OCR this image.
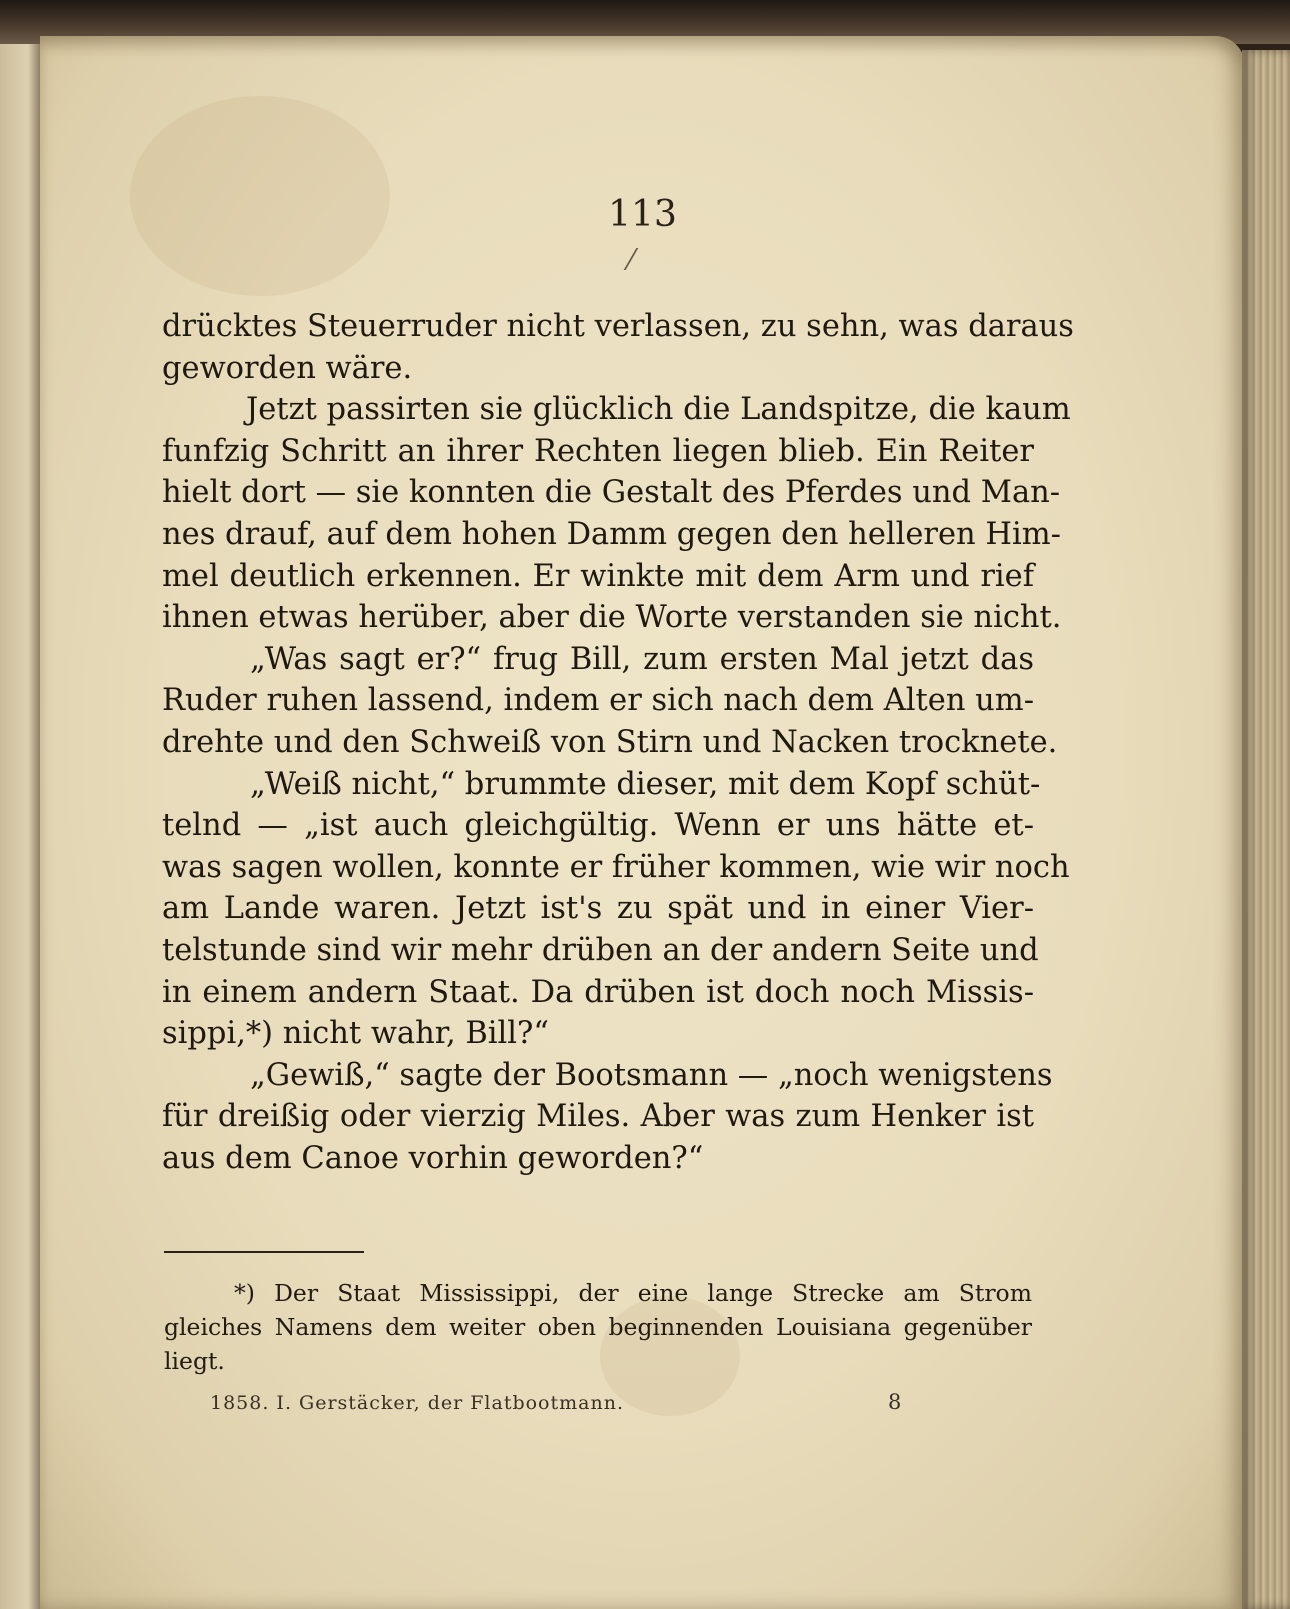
113
drücktes Steuerruder nicht verlassen, zu sehn, was daraus
geworden wäre.
Jetzt passirten sie glücklich die Landspitze, die kaum
funfzig Schritt an ihrer Rechten liegen blieb. Ein Reiter
hielt dort — sie konnten die Gestalt des Pferdes und Man-
nes drauf, auf dem hohen Damm gegen den helleren Him-
mel deutlich erkennen. Er winkte mit dem Arm und rief
ihnen etwas herüber, aber die Worte verstanden sie nicht.
„Was sagt er?“ frug Bill, zum ersten Mal jetzt das
Ruder ruhen lassend, indem er sich nach dem Alten um-
drehte und den Schweiß von Stirn und Nacken trocknete.
„Weiß nicht,“ brummte dieser, mit dem Kopf schüt-
telnd — „ist auch gleichgültig. Wenn er uns hätte et-
was sagen wollen, konnte er früher kommen, wie wir noch
am Lande waren. Jetzt ist's zu spät und in einer Vier-
telstunde sind wir mehr drüben an der andern Seite und
in einem andern Staat. Da drüben ist doch noch Missis-
sippi,*) nicht wahr, Bill?“
„Gewiß,“ sagte der Bootsmann — „noch wenigstens
für dreißig oder vierzig Miles. Aber was zum Henker ist
aus dem Canoe vorhin geworden?“
*) Der Staat Mississippi, der eine lange Strecke am Strom
gleiches Namens dem weiter oben beginnenden Louisiana gegenüber
liegt.
1858. I. Gerstäcker, der Flatbootmann.	8
